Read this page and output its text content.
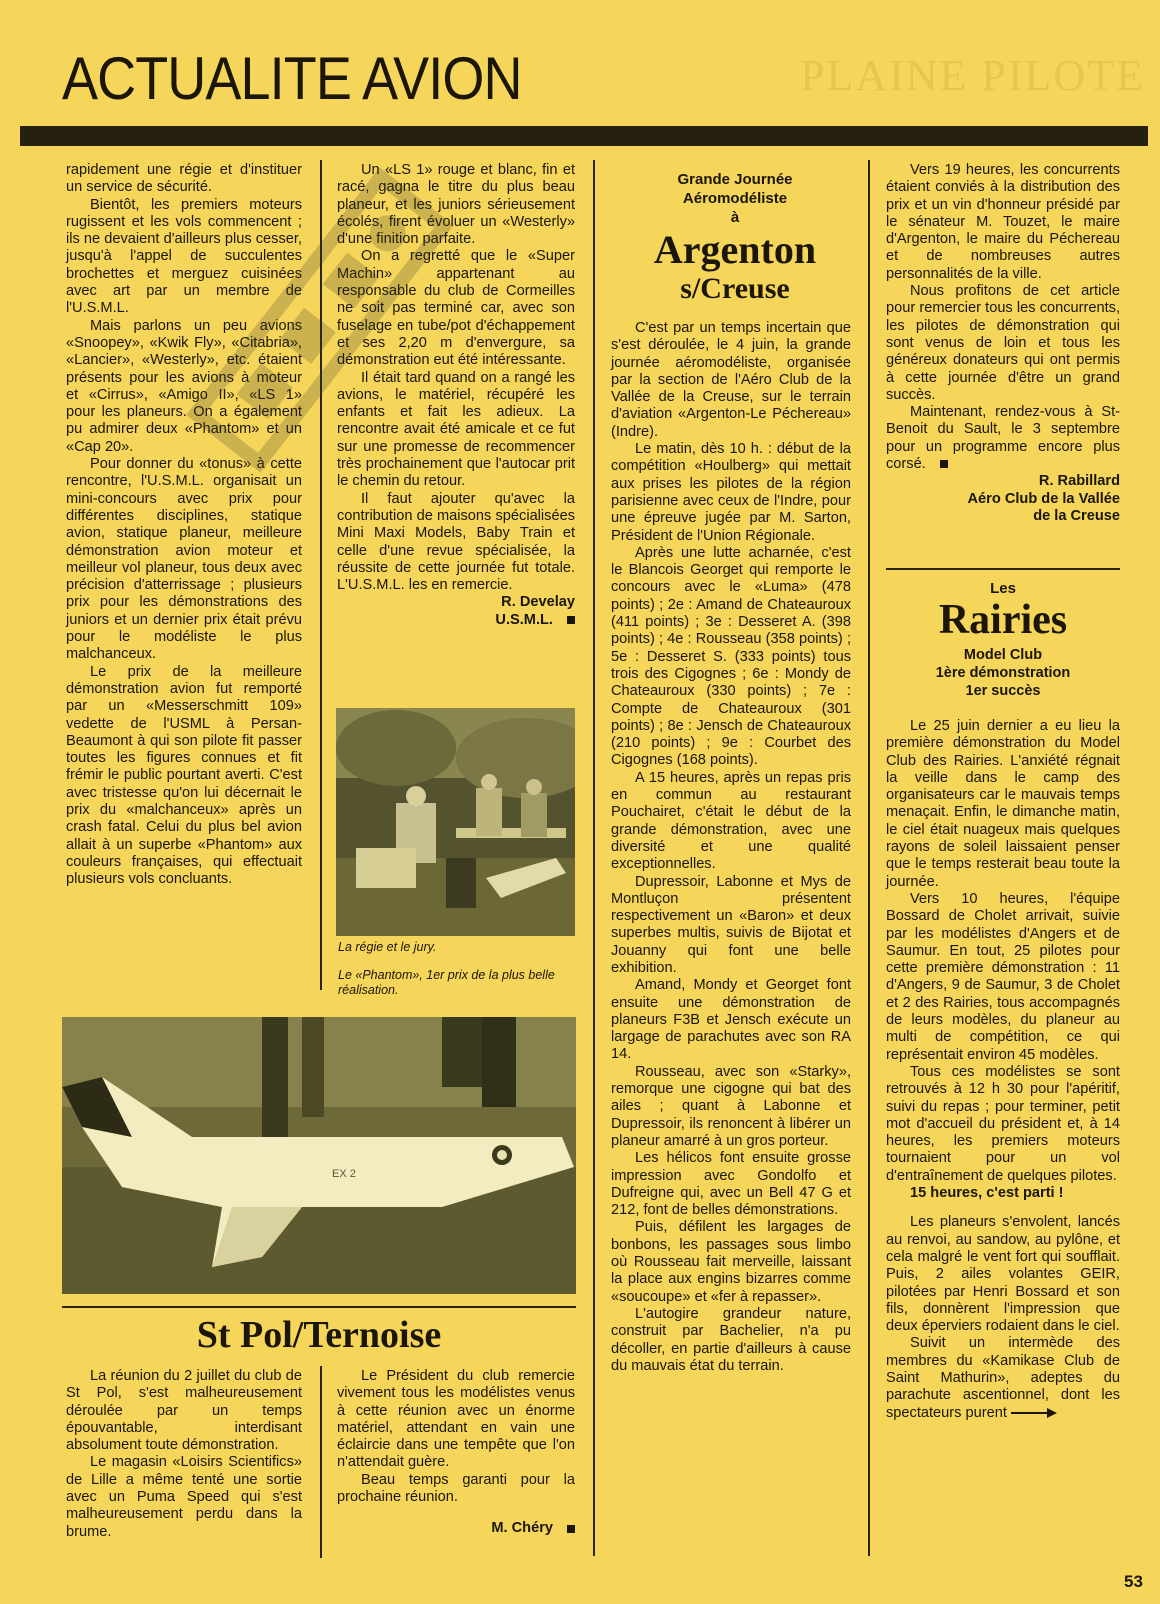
PLAINE PILOTE
ACTUALITE AVION

rapidement une régie et d'instituer un service de sécurité.

Bientôt, les premiers moteurs rugissent et les vols commencent ; ils ne devaient d'ailleurs plus cesser, jusqu'à l'appel de succulentes brochettes et merguez cuisinées avec art par un membre de l'U.S.M.L.

Mais parlons un peu avions «Snoopey», «Kwik Fly», «Citabria», «Lancier», «Westerly», etc. étaient présents pour les avions à moteur et «Cirrus», «Amigo II», «LS 1» pour les planeurs. On a également pu admirer deux «Phantom» et un «Cap 20».

Pour donner du «tonus» à cette rencontre, l'U.S.M.L. organisait un mini-concours avec prix pour différentes disciplines, statique avion, statique planeur, meilleure démonstration avion moteur et meilleur vol planeur, tous deux avec précision d'atterrissage ; plusieurs prix pour les démonstrations des juniors et un dernier prix était prévu pour le modéliste le plus malchanceux.

Le prix de la meilleure démonstration avion fut remporté par un «Messerschmitt 109» vedette de l'USML à Persan-Beaumont à qui son pilote fit passer toutes les figures connues et fit frémir le public pourtant averti. C'est avec tristesse qu'on lui décernait le prix du «malchanceux» après un crash fatal. Celui du plus bel avion allait à un superbe «Phantom» aux couleurs françaises, qui effectuait plusieurs vols concluants.

Un «LS 1» rouge et blanc, fin et racé, gagna le titre du plus beau planeur, et les juniors sérieusement écolés, firent évoluer un «Westerly» d'une finition parfaite.

On a regretté que le «Super Machin» appartenant au responsable du club de Cormeilles ne soit pas terminé car, avec son fuselage en tube/pot d'échappement et ses 2,20 m d'envergure, sa démonstration eut été intéressante.

Il était tard quand on a rangé les avions, le matériel, récupéré les enfants et fait les adieux. La rencontre avait été amicale et ce fut sur une promesse de recommencer très prochainement que l'autocar prit le chemin du retour.

Il faut ajouter qu'avec la contribution de maisons spécialisées Mini Maxi Models, Baby Train et celle d'une revue spécialisée, la réussite de cette journée fut totale. L'U.S.M.L. les en remercie.

R. Develay

U.S.M.L.

La régie et le jury.
Le «Phantom», 1er prix de la plus belle réalisation.
Grande Journée
Aéromodéliste
à
Argenton
s/Creuse

C'est par un temps incertain que s'est déroulée, le 4 juin, la grande journée aéromodéliste, organisée par la section de l'Aéro Club de la Vallée de la Creuse, sur le terrain d'aviation «Argenton-Le Péchereau» (Indre).

Le matin, dès 10 h. : début de la compétition «Houlberg» qui mettait aux prises les pilotes de la région parisienne avec ceux de l'Indre, pour une épreuve jugée par M. Sarton, Président de l'Union Régionale.

Après une lutte acharnée, c'est le Blancois Georget qui remporte le concours avec le «Luma» (478 points) ; 2e : Amand de Chateauroux (411 points) ; 3e : Desseret A. (398 points) ; 4e : Rousseau (358 points) ; 5e : Desseret S. (333 points) tous trois des Cigognes ; 6e : Mondy de Chateauroux (330 points) ; 7e : Compte de Chateauroux (301 points) ; 8e : Jensch de Chateauroux (210 points) ; 9e : Courbet des Cigognes (168 points).

A 15 heures, après un repas pris en commun au restaurant Pouchairet, c'était le début de la grande démonstration, avec une diversité et une qualité exceptionnelles.

Dupressoir, Labonne et Mys de Montluçon présentent respectivement un «Baron» et deux superbes multis, suivis de Bijotat et Jouanny qui font une belle exhibition.

Amand, Mondy et Georget font ensuite une démonstration de planeurs F3B et Jensch exécute un largage de parachutes avec son RA 14.

Rousseau, avec son «Starky», remorque une cigogne qui bat des ailes ; quant à Labonne et Dupressoir, ils renoncent à libérer un planeur amarré à un gros porteur.

Les hélicos font ensuite grosse impression avec Gondolfo et Dufreigne qui, avec un Bell 47 G et 212, font de belles démonstrations.

Puis, défilent les largages de bonbons, les passages sous limbo où Rousseau fait merveille, laissant la place aux engins bizarres comme «soucoupe» et «fer à repasser».

L'autogire grandeur nature, construit par Bachelier, n'a pu décoller, en partie d'ailleurs à cause du mauvais état du terrain.

Vers 19 heures, les concurrents étaient conviés à la distribution des prix et un vin d'honneur présidé par le sénateur M. Touzet, le maire d'Argenton, le maire du Péchereau et de nombreuses autres personnalités de la ville.

Nous profitons de cet article pour remercier tous les concurrents, les pilotes de démonstration qui sont venus de loin et tous les généreux donateurs qui ont permis à cette journée d'être un grand succès.

Maintenant, rendez-vous à St-Benoit du Sault, le 3 septembre pour un programme encore plus corsé.

R. Rabillard

Aéro Club de la Vallée

de la Creuse

Les
Rairies
Model Club
1ère démonstration
1er succès

Le 25 juin dernier a eu lieu la première démonstration du Model Club des Rairies. L'anxiété régnait la veille dans le camp des organisateurs car le mauvais temps menaçait. Enfin, le dimanche matin, le ciel était nuageux mais quelques rayons de soleil laissaient penser que le temps resterait beau toute la journée.

Vers 10 heures, l'équipe Bossard de Cholet arrivait, suivie par les modélistes d'Angers et de Saumur. En tout, 25 pilotes pour cette première démonstration : 11 d'Angers, 9 de Saumur, 3 de Cholet et 2 des Rairies, tous accompagnés de leurs modèles, du planeur au multi de compétition, ce qui représentait environ 45 modèles.

Tous ces modélistes se sont retrouvés à 12 h 30 pour l'apéritif, suivi du repas ; pour terminer, petit mot d'accueil du président et, à 14 heures, les premiers moteurs tournaient pour un vol d'entraînement de quelques pilotes.

15 heures, c'est parti !

Les planeurs s'envolent, lancés au renvoi, au sandow, au pylône, et cela malgré le vent fort qui soufflait. Puis, 2 ailes volantes GEIR, pilotées par Henri Bossard et son fils, donnèrent l'impression que deux éperviers rodaient dans le ciel.

Suivit un intermède des membres du «Kamikase Club de Saint Mathurin», adeptes du parachute ascentionnel, dont les spectateurs purent

EX 2
St Pol/Ternoise

La réunion du 2 juillet du club de St Pol, s'est malheureusement déroulée par un temps épouvantable, interdisant absolument toute démonstration.

Le magasin «Loisirs Scientifics» de Lille a même tenté une sortie avec un Puma Speed qui s'est malheureusement perdu dans la brume.

Le Président du club remercie vivement tous les modélistes venus à cette réunion avec un énorme matériel, attendant en vain une éclaircie dans une tempête que l'on n'attendait guère.

Beau temps garanti pour la prochaine réunion.

M. Chéry

53
